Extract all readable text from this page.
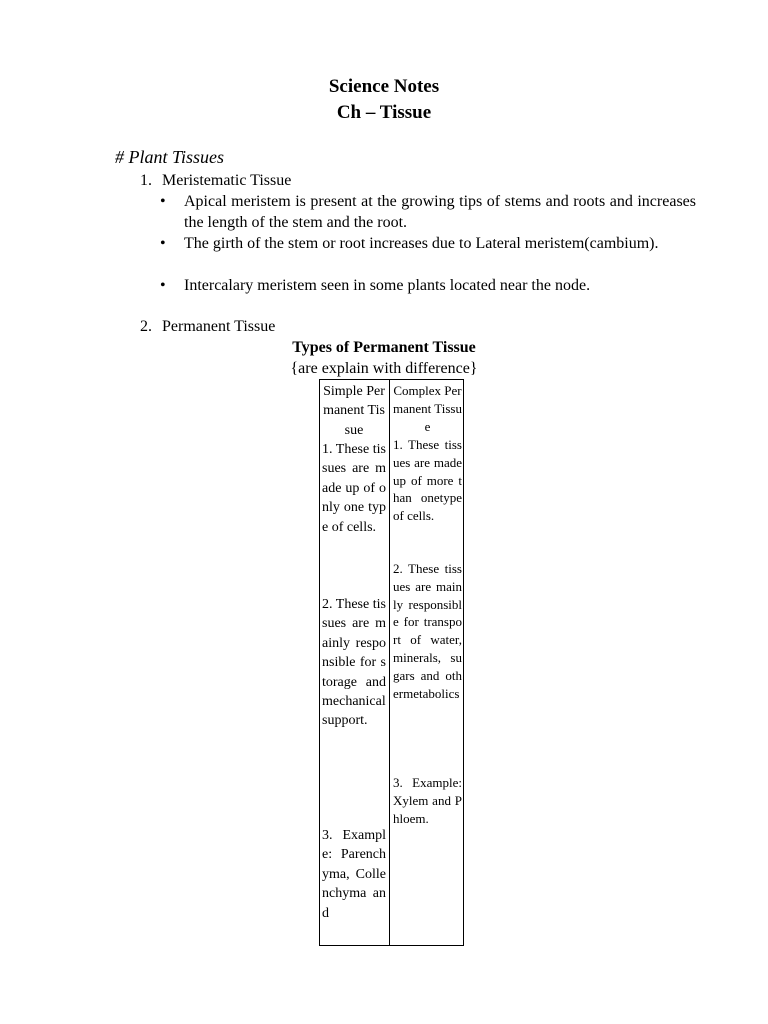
Science Notes
Ch – Tissue
# Plant Tissues
1. Meristematic Tissue
• Apical meristem is present at the growing tips of stems and roots and increases the length of the stem and the root.
• The girth of the stem or root increases due to Lateral meristem(cambium).
• Intercalary meristem seen in some plants located near the node.
2. Permanent Tissue
Types of Permanent Tissue
{are explain with difference}
Simple Permanent Tissue
1. These tissues are made up of only one type of cells.
2. These tissues are mainly responsible for storage and mechanical support.
3. Example: Parenchyma, Collenchyma and
Complex Permanent Tissue
1. These tissues are made up of more than onetype of cells.
2. These tissues are mainly responsible for transport of water, minerals, sugars and othermetabolics
3. Example: Xylem and Phloem.
